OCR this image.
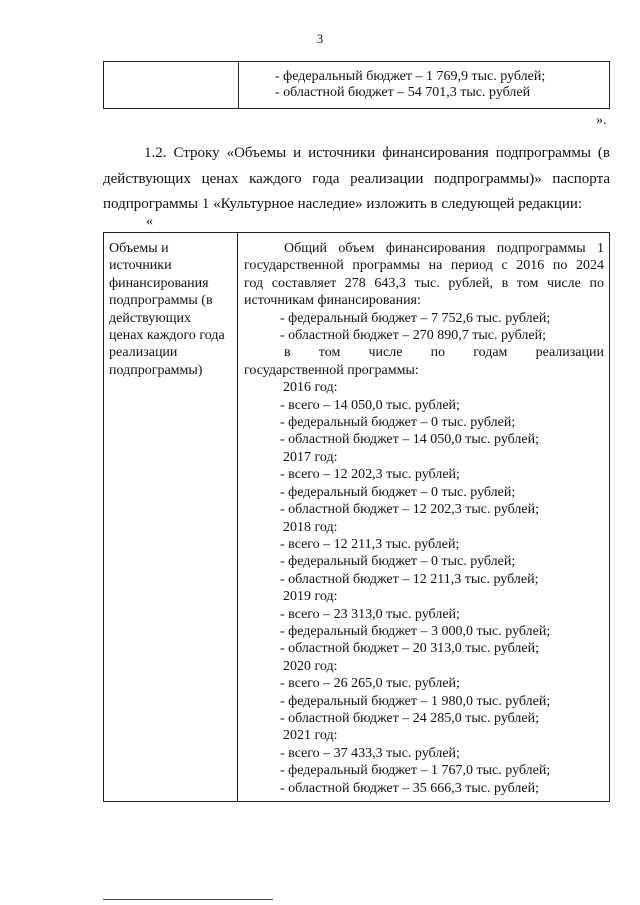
3
- федеральный бюджет – 1 769,9 тыс. рублей;
- областной бюджет – 54 701,3 тыс. рублей
».
1.2. Строку «Объемы и источники финансирования подпрограммы (в
действующих ценах каждого года реализации подпрограммы)» паспорта
подпрограммы 1 «Культурное наследие» изложить в следующей редакции:
«
Объемы и
источники
финансирования
подпрограммы (в
действующих
ценах каждого года
реализации
подпрограммы)
Общий объем финансирования подпрограммы 1
государственной программы на период с 2016 по 2024
год составляет 278 643,3 тыс. рублей, в том числе по
источникам финансирования:
- федеральный бюджет – 7 752,6 тыс. рублей;
- областной бюджет – 270 890,7 тыс. рублей;
в том числе по годам реализации
государственной программы:
2016 год:
- всего – 14 050,0 тыс. рублей;
- федеральный бюджет – 0 тыс. рублей;
- областной бюджет – 14 050,0 тыс. рублей;
2017 год:
- всего – 12 202,3 тыс. рублей;
- федеральный бюджет – 0 тыс. рублей;
- областной бюджет – 12 202,3 тыс. рублей;
2018 год:
- всего – 12 211,3 тыс. рублей;
- федеральный бюджет – 0 тыс. рублей;
- областной бюджет – 12 211,3 тыс. рублей;
2019 год:
- всего – 23 313,0 тыс. рублей;
- федеральный бюджет – 3 000,0 тыс. рублей;
- областной бюджет – 20 313,0 тыс. рублей;
2020 год:
- всего – 26 265,0 тыс. рублей;
- федеральный бюджет – 1 980,0 тыс. рублей;
- областной бюджет – 24 285,0 тыс. рублей;
2021 год:
- всего – 37 433,3 тыс. рублей;
- федеральный бюджет – 1 767,0 тыс. рублей;
- областной бюджет – 35 666,3 тыс. рублей;
